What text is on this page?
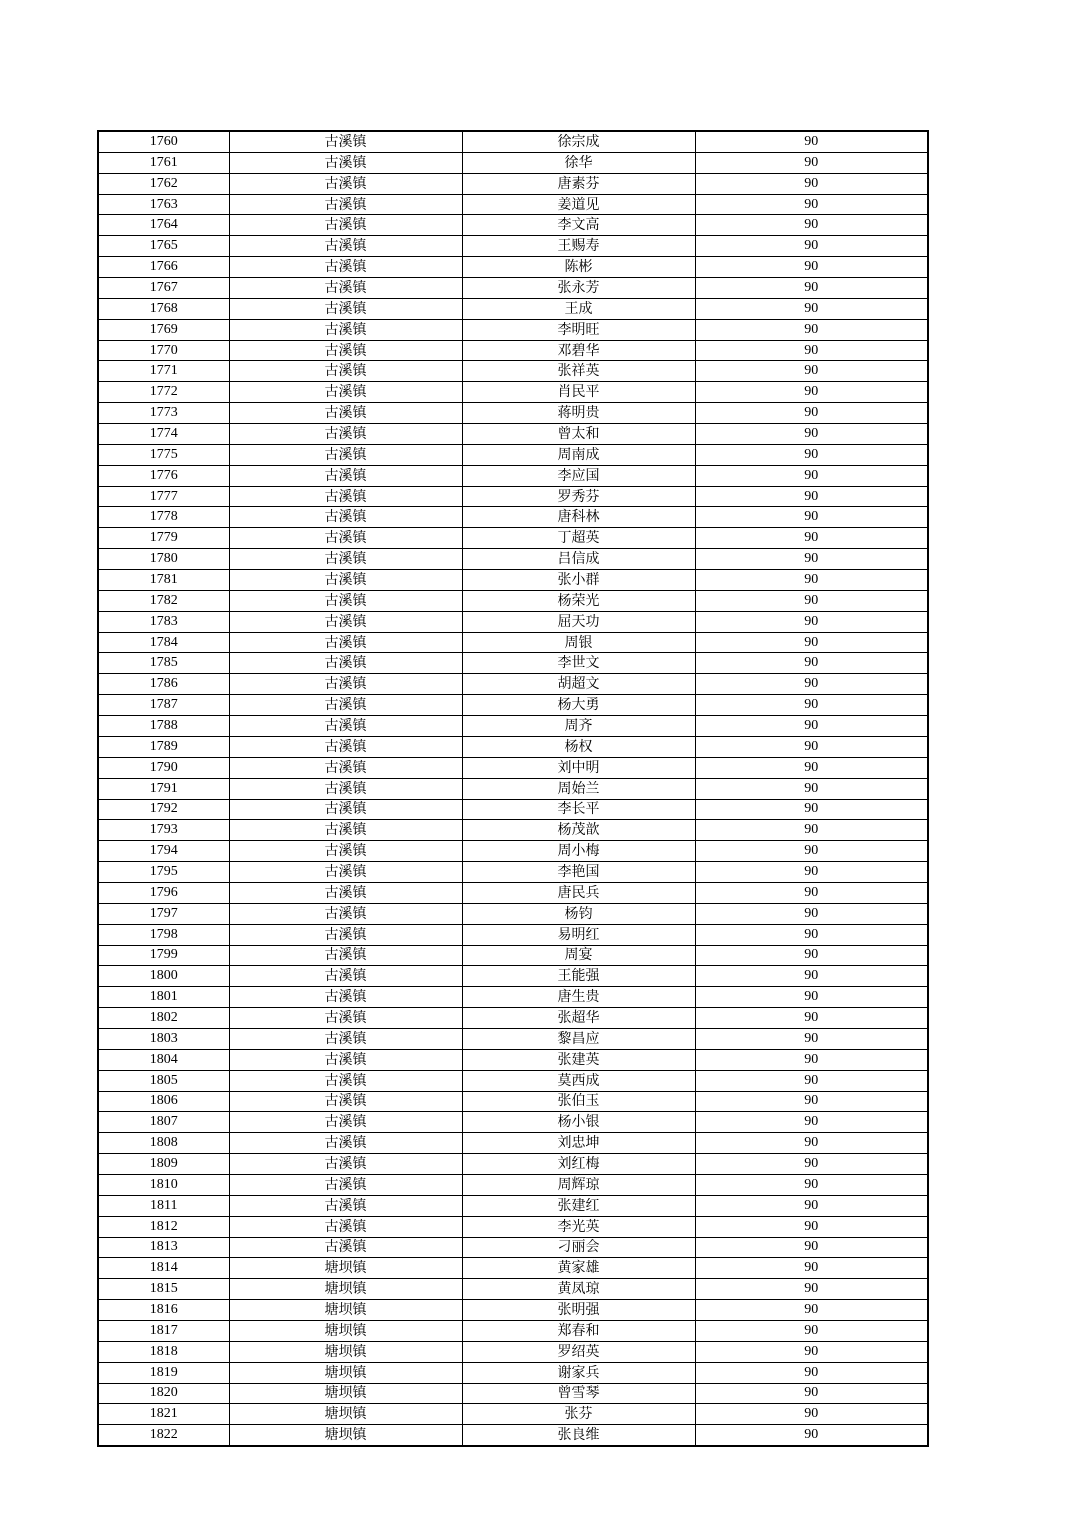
1760	古溪镇	徐宗成	90
1761	古溪镇	徐华	90
1762	古溪镇	唐素芬	90
1763	古溪镇	姜道见	90
1764	古溪镇	李文高	90
1765	古溪镇	王赐寿	90
1766	古溪镇	陈彬	90
1767	古溪镇	张永芳	90
1768	古溪镇	王成	90
1769	古溪镇	李明旺	90
1770	古溪镇	邓碧华	90
1771	古溪镇	张祥英	90
1772	古溪镇	肖民平	90
1773	古溪镇	蒋明贵	90
1774	古溪镇	曾太和	90
1775	古溪镇	周南成	90
1776	古溪镇	李应国	90
1777	古溪镇	罗秀芬	90
1778	古溪镇	唐科林	90
1779	古溪镇	丁超英	90
1780	古溪镇	吕信成	90
1781	古溪镇	张小群	90
1782	古溪镇	杨荣光	90
1783	古溪镇	屈天功	90
1784	古溪镇	周银	90
1785	古溪镇	李世文	90
1786	古溪镇	胡超文	90
1787	古溪镇	杨大勇	90
1788	古溪镇	周齐	90
1789	古溪镇	杨权	90
1790	古溪镇	刘中明	90
1791	古溪镇	周始兰	90
1792	古溪镇	李长平	90
1793	古溪镇	杨茂歆	90
1794	古溪镇	周小梅	90
1795	古溪镇	李艳国	90
1796	古溪镇	唐民兵	90
1797	古溪镇	杨钧	90
1798	古溪镇	易明红	90
1799	古溪镇	周宴	90
1800	古溪镇	王能强	90
1801	古溪镇	唐生贵	90
1802	古溪镇	张超华	90
1803	古溪镇	黎昌应	90
1804	古溪镇	张建英	90
1805	古溪镇	莫西成	90
1806	古溪镇	张伯玉	90
1807	古溪镇	杨小银	90
1808	古溪镇	刘忠坤	90
1809	古溪镇	刘红梅	90
1810	古溪镇	周辉琼	90
1811	古溪镇	张建红	90
1812	古溪镇	李光英	90
1813	古溪镇	刁丽会	90
1814	塘坝镇	黄家雄	90
1815	塘坝镇	黄凤琼	90
1816	塘坝镇	张明强	90
1817	塘坝镇	郑春和	90
1818	塘坝镇	罗绍英	90
1819	塘坝镇	谢家兵	90
1820	塘坝镇	曾雪琴	90
1821	塘坝镇	张芬	90
1822	塘坝镇	张良维	90
